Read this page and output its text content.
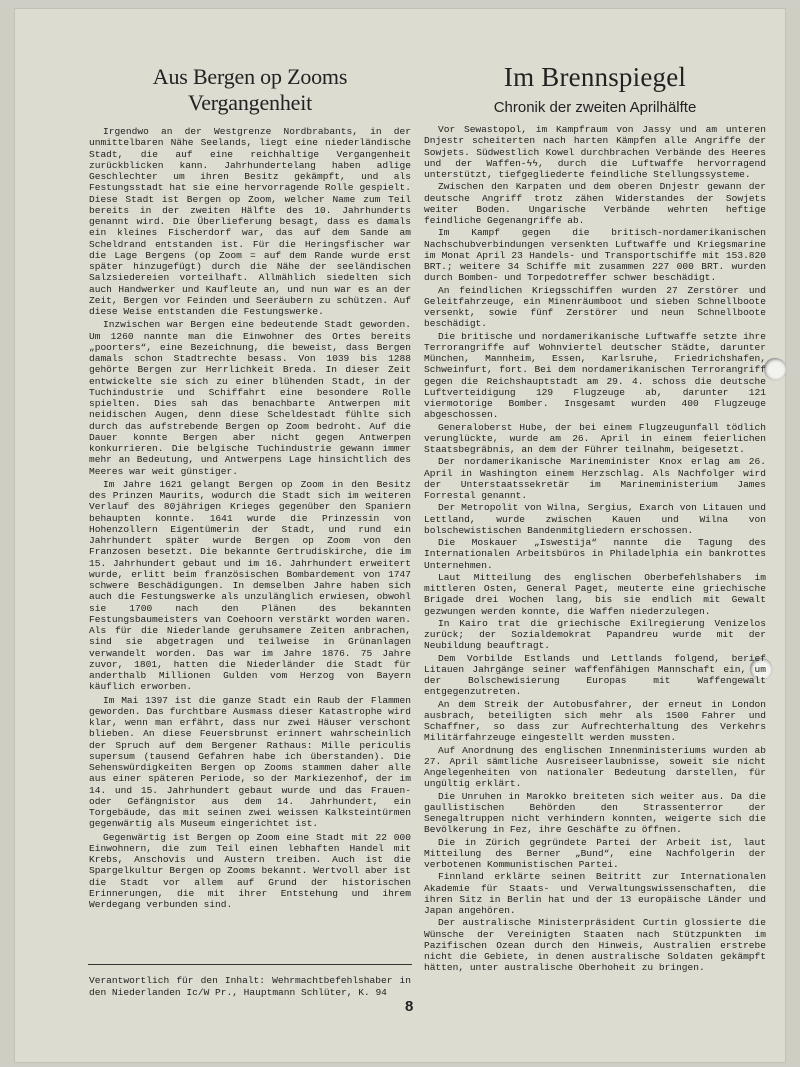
Aus Bergen op Zooms Vergangenheit

Irgendwo an der Westgrenze Nordbrabants, in der unmittelbaren Nähe Seelands, liegt eine niederländische Stadt, die auf eine reichhaltige Vergangenheit zurückblicken kann. Jahrhundertelang haben adlige Geschlechter um ihren Besitz gekämpft, und als Festungsstadt hat sie eine hervorragende Rolle gespielt. Diese Stadt ist Bergen op Zoom, welcher Name zum Teil bereits in der zweiten Hälfte des 10. Jahrhunderts genannt wird. Die Überlieferung besagt, dass es damals ein kleines Fischerdorf war, das auf dem Sande am Scheldrand entstanden ist. Für die Heringsfischer war die Lage Bergens (op Zoom = auf dem Rande wurde erst später hinzugefügt) durch die Nähe der seeländischen Salzsiedereien vorteilhaft. Allmählich siedelten sich auch Handwerker und Kaufleute an, und nun war es an der Zeit, Bergen vor Feinden und Seeräubern zu schützen. Auf diese Weise entstanden die Festungswerke.

Inzwischen war Bergen eine bedeutende Stadt geworden. Um 1260 nannte man die Einwohner des Ortes bereits „poorters“, eine Bezeichnung, die beweist, dass Bergen damals schon Stadtrechte besass. Von 1039 bis 1288 gehörte Bergen zur Herrlichkeit Breda. In dieser Zeit entwickelte sie sich zu einer blühenden Stadt, in der Tuchindustrie und Schiffahrt eine besondere Rolle spielten. Dies sah das benachbarte Antwerpen mit neidischen Augen, denn diese Scheldestadt fühlte sich durch das aufstrebende Bergen op Zoom bedroht. Auf die Dauer konnte Bergen aber nicht gegen Antwerpen konkurrieren. Die belgische Tuchindustrie gewann immer mehr an Bedeutung, und Antwerpens Lage hinsichtlich des Meeres war weit günstiger.

Im Jahre 1621 gelangt Bergen op Zoom in den Besitz des Prinzen Maurits, wodurch die Stadt sich im weiteren Verlauf des 80jährigen Krieges gegenüber den Spaniern behaupten konnte. 1641 wurde die Prinzessin von Hohenzollern Eigentümerin der Stadt, und rund ein Jahrhundert später wurde Bergen op Zoom von den Franzosen besetzt. Die bekannte Gertrudiskirche, die im 15. Jahrhundert gebaut und im 16. Jahrhundert erweitert wurde, erlitt beim französischen Bombardement von 1747 schwere Beschädigungen. In demselben Jahre haben sich auch die Festungswerke als unzulänglich erwiesen, obwohl sie 1700 nach den Plänen des bekannten Festungsbaumeisters van Coehoorn verstärkt worden waren. Als für die Niederlande geruhsamere Zeiten anbrachen, sind sie abgetragen und teilweise in Grünanlagen verwandelt worden. Das war im Jahre 1876. 75 Jahre zuvor, 1801, hatten die Niederländer die Stadt für anderthalb Millionen Gulden vom Herzog von Bayern käuflich erworben.

Im Mai 1397 ist die ganze Stadt ein Raub der Flammen geworden. Das furchtbare Ausmass dieser Katastrophe wird klar, wenn man erfährt, dass nur zwei Häuser verschont blieben. An diese Feuersbrunst erinnert wahrscheinlich der Spruch auf dem Bergener Rathaus: Mille periculis supersum (tausend Gefahren habe ich überstanden). Die Sehenswürdigkeiten Bergen op Zooms stammen daher alle aus einer späteren Periode, so der Markiezenhof, der im 14. und 15. Jahrhundert gebaut wurde und das Frauen- oder Gefängnistor aus dem 14. Jahrhundert, ein Torgebäude, das mit seinen zwei weissen Kalksteintürmen gegenwärtig als Museum eingerichtet ist.

Gegenwärtig ist Bergen op Zoom eine Stadt mit 22 000 Einwohnern, die zum Teil einen lebhaften Handel mit Krebs, Anschovis und Austern treiben. Auch ist die Spargelkultur Bergen op Zooms bekannt. Wertvoll aber ist die Stadt vor allem auf Grund der historischen Erinnerungen, die mit ihrer Entstehung und ihrem Werdegang verbunden sind.

Im Brennspiegel
Chronik der zweiten Aprilhälfte

Vor Sewastopol, im Kampfraum von Jassy und am unteren Dnjestr scheiterten nach harten Kämpfen alle Angriffe der Sowjets. Südwestlich Kowel durchbrachen Verbände des Heeres und der Waffen-ϟϟ, durch die Luftwaffe hervorragend unterstützt, tiefgegliederte feindliche Stellungssysteme.

Zwischen den Karpaten und dem oberen Dnjestr gewann der deutsche Angriff trotz zähen Widerstandes der Sowjets weiter Boden. Ungarische Verbände wehrten heftige feindliche Gegenangriffe ab.

Im Kampf gegen die britisch-nordamerikanischen Nachschubverbindungen versenkten Luftwaffe und Kriegsmarine im Monat April 23 Handels- und Transportschiffe mit 153.820 BRT.; weitere 34 Schiffe mit zusammen 227 000 BRT. wurden durch Bomben- und Torpedotreffer schwer beschädigt.

An feindlichen Kriegsschiffen wurden 27 Zerstörer und Geleitfahrzeuge, ein Minenräumboot und sieben Schnellboote versenkt, sowie fünf Zerstörer und neun Schnellboote beschädigt.

Die britische und nordamerikanische Luftwaffe setzte ihre Terrorangriffe auf Wohnviertel deutscher Städte, darunter München, Mannheim, Essen, Karlsruhe, Friedrichshafen, Schweinfurt, fort. Bei dem nordamerikanischen Terrorangriff gegen die Reichshauptstadt am 29. 4. schoss die deutsche Luftverteidigung 129 Flugzeuge ab, darunter 121 viermotorige Bomber. Insgesamt wurden 400 Flugzeuge abgeschossen.

Generaloberst Hube, der bei einem Flugzeugunfall tödlich verunglückte, wurde am 26. April in einem feierlichen Staatsbegräbnis, an dem der Führer teilnahm, beigesetzt.

Der nordamerikanische Marineminister Knox erlag am 26. April in Washington einem Herzschlag. Als Nachfolger wird der Unterstaatssekretär im Marineministerium James Forrestal genannt.

Der Metropolit von Wilna, Sergius, Exarch von Litauen und Lettland, wurde zwischen Kauen und Wilna von bolschewistischen Bandenmitgliedern erschossen.

Die Moskauer „Iswestija“ nannte die Tagung des Internationalen Arbeitsbüros in Philadelphia ein bankrottes Unternehmen.

Laut Mitteilung des englischen Oberbefehlshabers im mittleren Osten, General Paget, meuterte eine griechische Brigade drei Wochen lang, bis sie endlich mit Gewalt gezwungen werden konnte, die Waffen niederzulegen.

In Kairo trat die griechische Exilregierung Venizelos zurück; der Sozialdemokrat Papandreu wurde mit der Neubildung beauftragt.

Dem Vorbilde Estlands und Lettlands folgend, berief Litauen Jahrgänge seiner waffenfähigen Mannschaft ein, um der Bolschewisierung Europas mit Waffengewalt entgegenzutreten.

An dem Streik der Autobusfahrer, der erneut in London ausbrach, beteiligten sich mehr als 1500 Fahrer und Schaffner, so dass zur Aufrechterhaltung des Verkehrs Militärfahrzeuge eingestellt werden mussten.

Auf Anordnung des englischen Innenministeriums wurden ab 27. April sämtliche Ausreiseerlaubnisse, soweit sie nicht Angelegenheiten von nationaler Bedeutung darstellen, für ungültig erklärt.

Die Unruhen in Marokko breiteten sich weiter aus. Da die gaullistischen Behörden den Strassenterror der Senegaltruppen nicht verhindern konnten, weigerte sich die Bevölkerung in Fez, ihre Geschäfte zu öffnen.

Die in Zürich gegründete Partei der Arbeit ist, laut Mitteilung des Berner „Bund“, eine Nachfolgerin der verbotenen Kommunistischen Partei.

Finnland erklärte seinen Beitritt zur Internationalen Akademie für Staats- und Verwaltungswissenschaften, die ihren Sitz in Berlin hat und der 13 europäische Länder und Japan angehören.

Der australische Ministerpräsident Curtin glossierte die Wünsche der Vereinigten Staaten nach Stützpunkten im Pazifischen Ozean durch den Hinweis, Australien erstrebe nicht die Gebiete, in denen australische Soldaten gekämpft hätten, unter australische Oberhoheit zu bringen.

Verantwortlich für den Inhalt: Wehrmachtbefehlshaber in den Niederlanden Ic/W Pr., Hauptmann Schlüter, K. 94
8
